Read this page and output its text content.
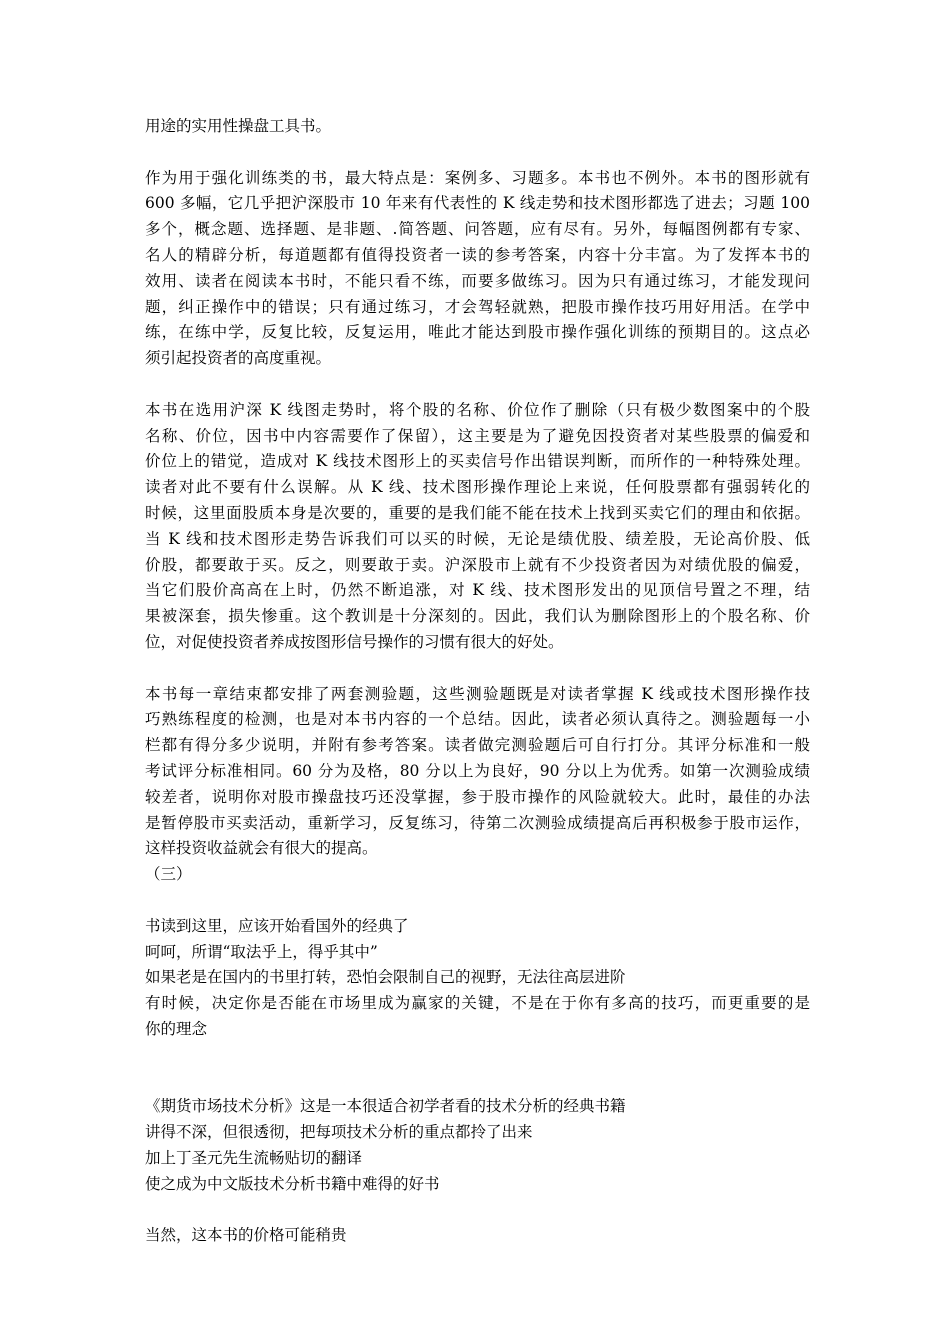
用途的实用性操盘工具书。
作为用于强化训练类的书，最大特点是：案例多、习题多。本书也不例外。本书的图形就有
600 多幅，它几乎把沪深股市 10 年来有代表性的 K 线走势和技术图形都选了进去；习题 100
多个，概念题、选择题、是非题、.简答题、问答题，应有尽有。另外，每幅图例都有专家、
名人的精辟分析，每道题都有值得投资者一读的参考答案，内容十分丰富。为了发挥本书的
效用、读者在阅读本书时，不能只看不练，而要多做练习。因为只有通过练习，才能发现问
题，纠正操作中的错误；只有通过练习，才会驾轻就熟，把股市操作技巧用好用活。在学中
练，在练中学，反复比较，反复运用，唯此才能达到股市操作强化训练的预期目的。这点必
须引起投资者的高度重视。
本书在选用沪深 K 线图走势时，将个股的名称、价位作了删除（只有极少数图案中的个股
名称、价位，因书中内容需要作了保留），这主要是为了避免因投资者对某些股票的偏爱和
价位上的错觉，造成对 K 线技术图形上的买卖信号作出错误判断，而所作的一种特殊处理。
读者对此不要有什么误解。从 K 线、技术图形操作理论上来说，任何股票都有强弱转化的
时候，这里面股质本身是次要的，重要的是我们能不能在技术上找到买卖它们的理由和依据。
当 K 线和技术图形走势告诉我们可以买的时候，无论是绩优股、绩差股，无论高价股、低
价股，都要敢于买。反之，则要敢于卖。沪深股市上就有不少投资者因为对绩优股的偏爱，
当它们股价高高在上时，仍然不断追涨，对 K 线、技术图形发出的见顶信号置之不理，结
果被深套，损失惨重。这个教训是十分深刻的。因此，我们认为删除图形上的个股名称、价
位，对促使投资者养成按图形信号操作的习惯有很大的好处。
本书每一章结束都安排了两套测验题，这些测验题既是对读者掌握 K 线或技术图形操作技
巧熟练程度的检测，也是对本书内容的一个总结。因此，读者必须认真待之。测验题每一小
栏都有得分多少说明，并附有参考答案。读者做完测验题后可自行打分。其评分标准和一般
考试评分标准相同。60 分为及格，80 分以上为良好，90 分以上为优秀。如第一次测验成绩
较差者，说明你对股市操盘技巧还没掌握，参于股市操作的风险就较大。此时，最佳的办法
是暂停股市买卖活动，重新学习，反复练习，待第二次测验成绩提高后再积极参于股市运作，
这样投资收益就会有很大的提高。
（三）
书读到这里，应该开始看国外的经典了
呵呵，所谓“取法乎上，得乎其中”
如果老是在国内的书里打转，恐怕会限制自己的视野，无法往高层进阶
有时候，决定你是否能在市场里成为赢家的关键，不是在于你有多高的技巧，而更重要的是
你的理念
《期货市场技术分析》这是一本很适合初学者看的技术分析的经典书籍
讲得不深，但很透彻，把每项技术分析的重点都拎了出来
加上丁圣元先生流畅贴切的翻译
使之成为中文版技术分析书籍中难得的好书
当然，这本书的价格可能稍贵
